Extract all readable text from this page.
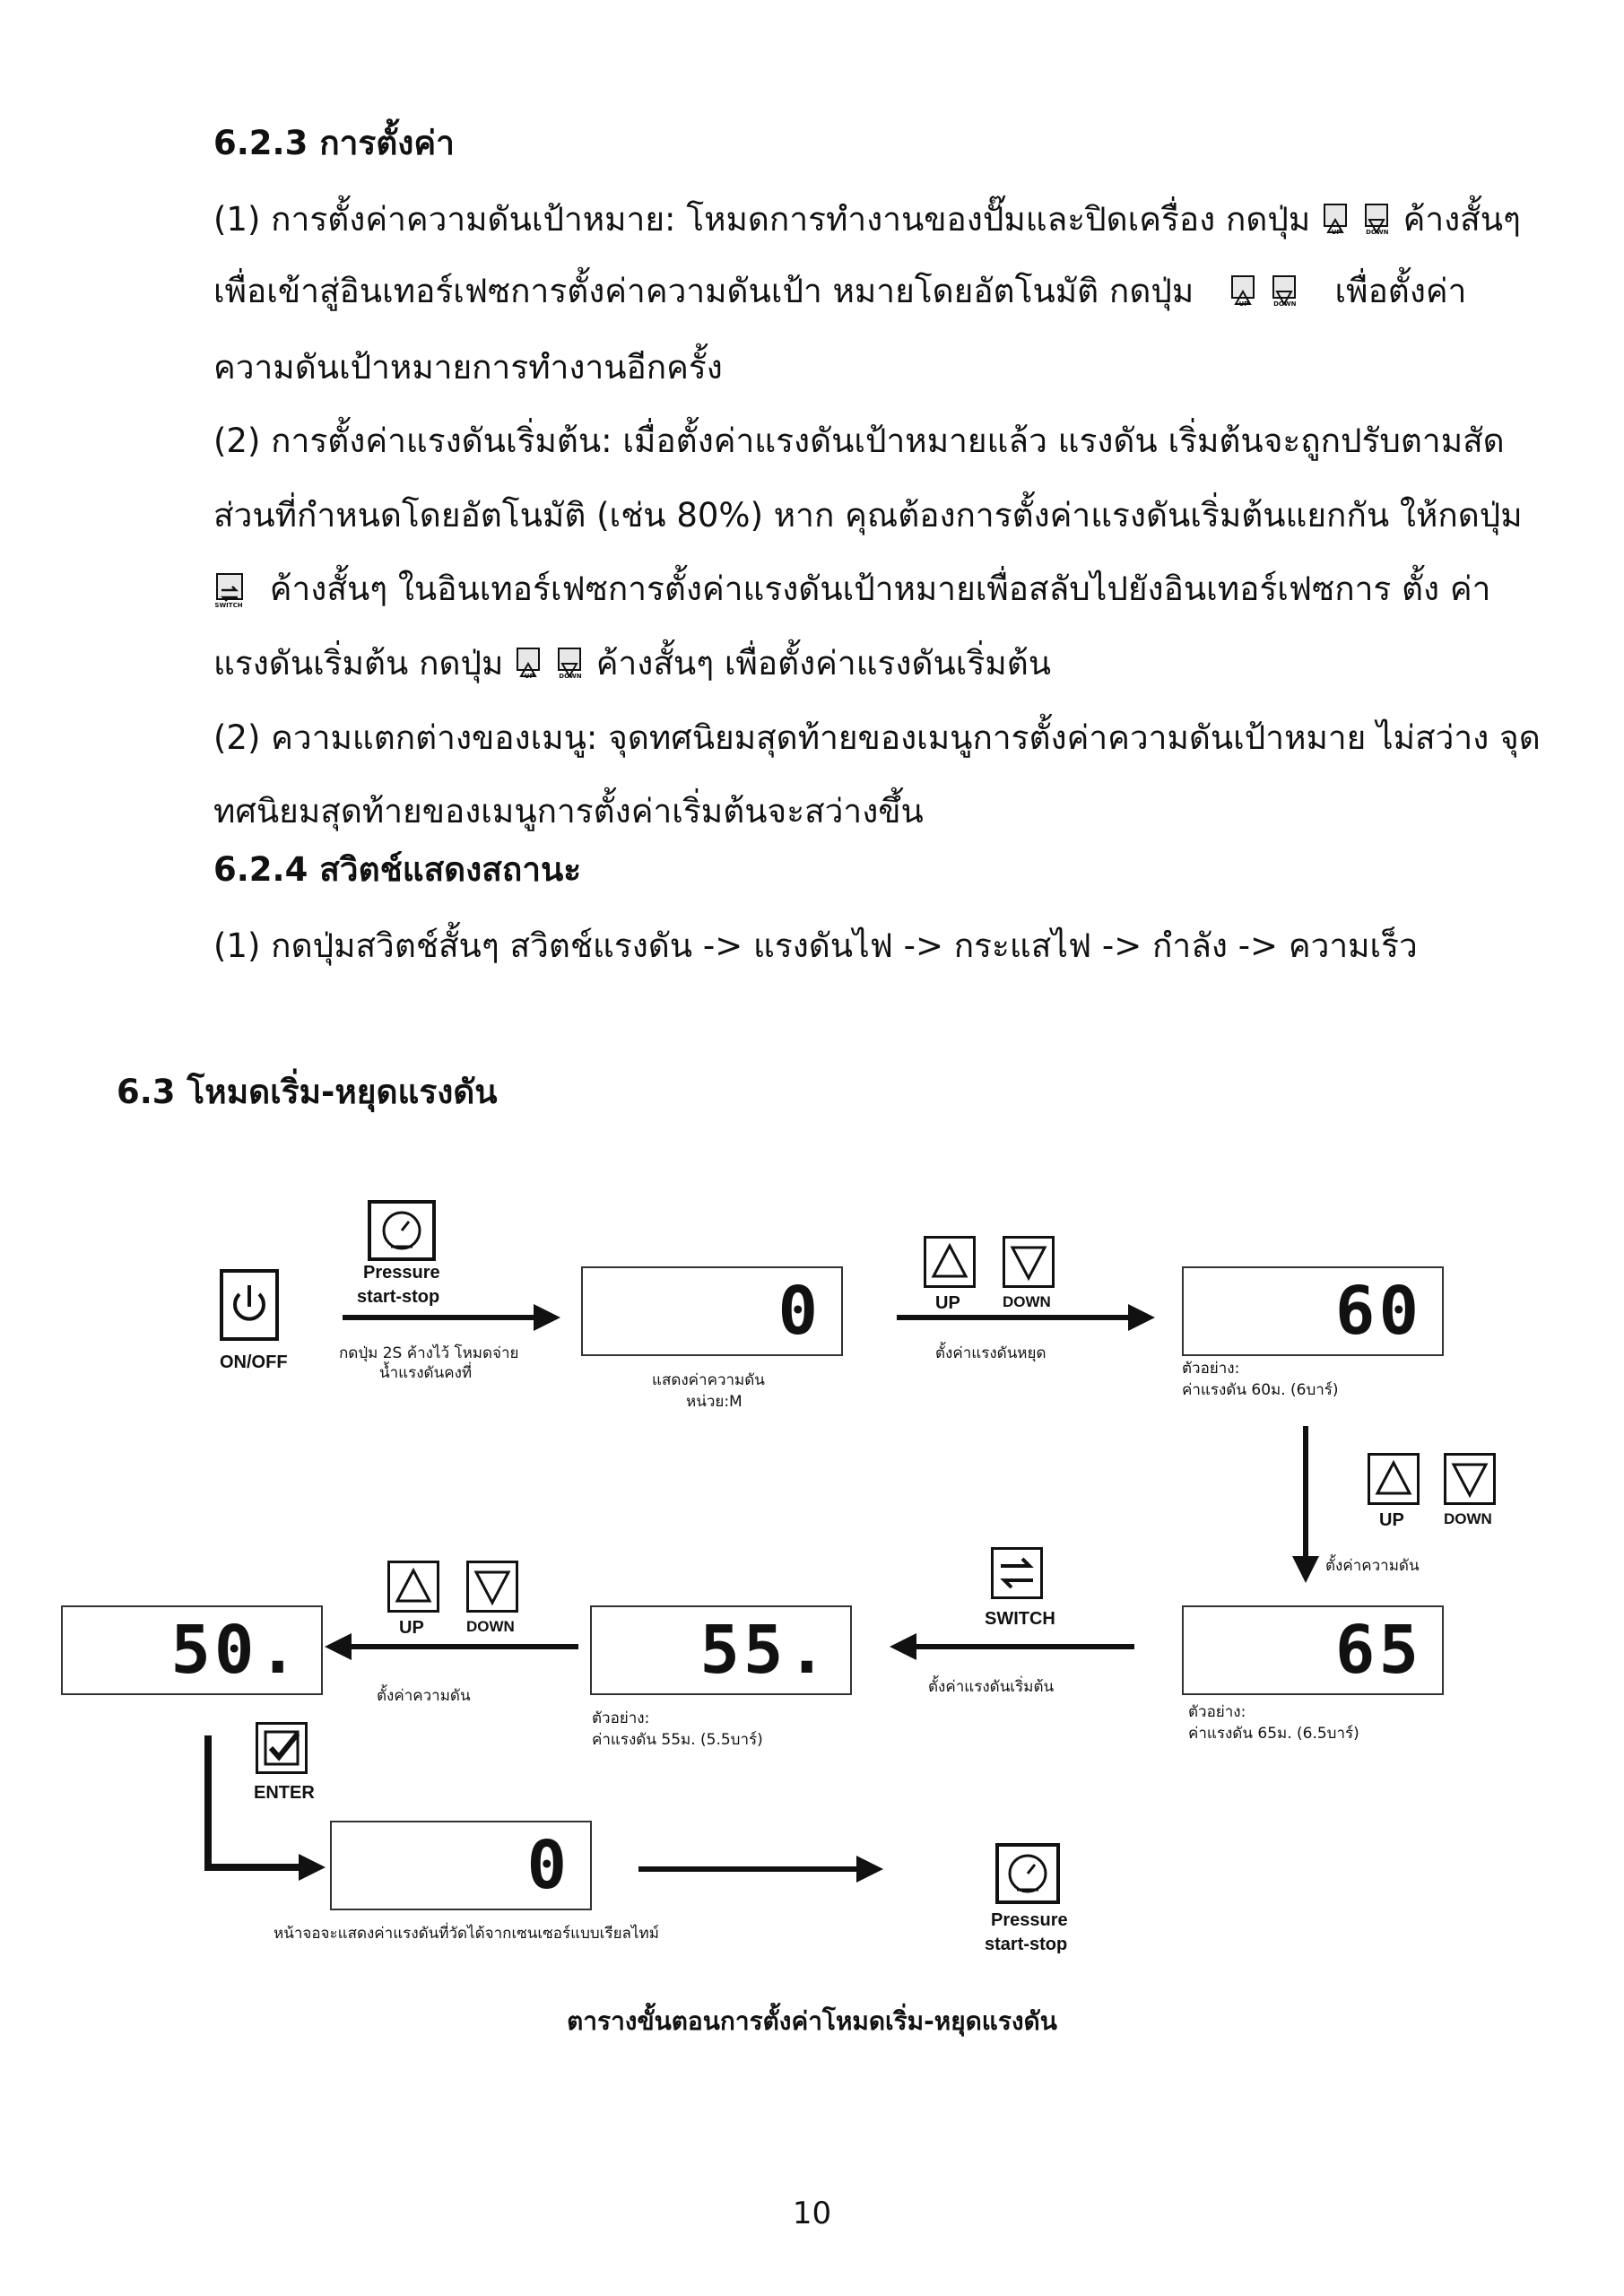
6.2.3 การตั้งค่า
(1) การตั้งค่าความดันเป้าหมาย: โหมดการทำงานของปั๊มและปิดเครื่อง กดปุ่ม	UP
	DOWN ค้างสั้นๆ
เพื่อเข้าสู่อินเทอร์เฟซการตั้งค่าความดันเป้า หมายโดยอัตโนมัติ กดปุ่ม	UP
	DOWN เพื่อตั้งค่า
ความดันเป้าหมายการทำงานอีกครั้ง
(2) การตั้งค่าแรงดันเริ่มต้น: เมื่อตั้งค่าแรงดันเป้าหมายแล้ว แรงดัน เริ่มต้นจะถูกปรับตามสัด
ส่วนที่กำหนดโดยอัตโนมัติ (เช่น 80%) หาก คุณต้องการตั้งค่าแรงดันเริ่มต้นแยกกัน ให้กดปุ่ม
SWITCH ค้างสั้นๆ ในอินเทอร์เฟซการตั้งค่าแรงดันเป้าหมายเพื่อสลับไปยังอินเทอร์เฟซการ ตั้ง ค่า
แรงดันเริ่มต้น กดปุ่ม	UP
	DOWN ค้างสั้นๆ เพื่อตั้งค่าแรงดันเริ่มต้น
(2) ความแตกต่างของเมนู: จุดทศนิยมสุดท้ายของเมนูการตั้งค่าความดันเป้าหมาย ไม่สว่าง จุด
ทศนิยมสุดท้ายของเมนูการตั้งค่าเริ่มต้นจะสว่างขึ้น
6.2.4 สวิตช์แสดงสถานะ
(1) กดปุ่มสวิตช์สั้นๆ สวิตช์แรงดัน -> แรงดันไฟ -> กระแสไฟ -> กำลัง -> ความเร็ว
6.3 โหมดเริ่ม-หยุดแรงดัน
ON/OFF
Pressure
start-stop
กดปุ่ม 2S ค้างไว้ โหมดจ่าย
น้ำแรงดันคงที่
0
แสดงค่าความดัน
หน่วย:M
UP	DOWN
ตั้งค่าแรงดันหยุด
60
ตัวอย่าง:
ค่าแรงดัน 60ม. (6บาร์)
UP	DOWN
ตั้งค่าความดัน
65
ตัวอย่าง:
ค่าแรงดัน 65ม. (6.5บาร์)
SWITCH
ตั้งค่าแรงดันเริ่มต้น
55.
ตัวอย่าง:
ค่าแรงดัน 55ม. (5.5บาร์)
UP	DOWN
ตั้งค่าความดัน
50.
ENTER
0
หน้าจอจะแสดงค่าแรงดันที่วัดได้จากเซนเซอร์แบบเรียลไทม์
Pressure
start-stop
ตารางขั้นตอนการตั้งค่าโหมดเริ่ม-หยุดแรงดัน
10
